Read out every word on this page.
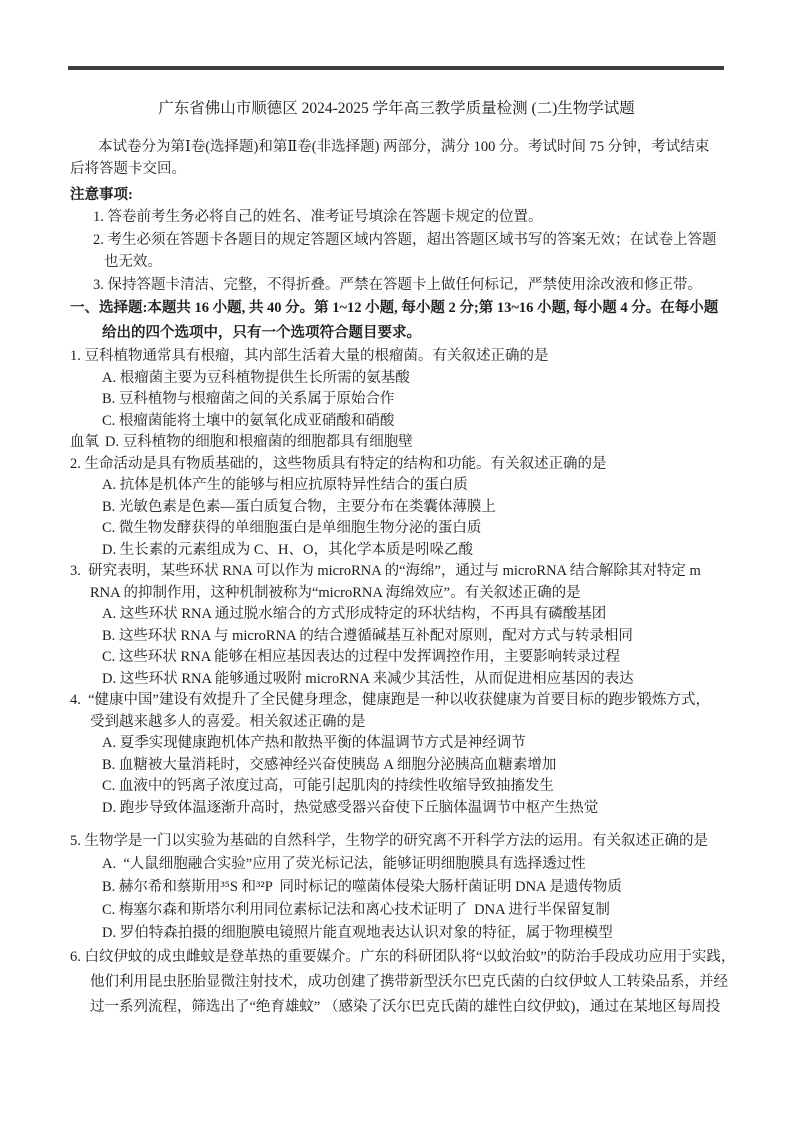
广东省佛山市顺德区 2024-2025 学年高三教学质量检测 (二)生物学试题
本试卷分为第Ⅰ卷(选择题)和第Ⅱ卷(非选择题) 两部分，满分 100 分。考试时间 75 分钟，考试结束
后将答题卡交回。
注意事项:
1. 答卷前考生务必将自己的姓名、准考证号填涂在答题卡规定的位置。
2. 考生必须在答题卡各题目的规定答题区域内答题，超出答题区域书写的答案无效；在试卷上答题
也无效。
3. 保持答题卡清洁、完整，不得折叠。严禁在答题卡上做任何标记，严禁使用涂改液和修正带。
一、选择题:本题共 16 小题, 共 40 分。第 1~12 小题, 每小题 2 分;第 13~16 小题, 每小题 4 分。在每小题
给出的四个选项中，只有一个选项符合题目要求。
1. 豆科植物通常具有根瘤，其内部生活着大量的根瘤菌。有关叙述正确的是
A. 根瘤菌主要为豆科植物提供生长所需的氨基酸
B. 豆科植物与根瘤菌之间的关系属于原始合作
C. 根瘤菌能将土壤中的氨氧化成亚硝酸和硝酸
血氧 D. 豆科植物的细胞和根瘤菌的细胞都具有细胞壁
2. 生命活动是具有物质基础的，这些物质具有特定的结构和功能。有关叙述正确的是
A. 抗体是机体产生的能够与相应抗原特异性结合的蛋白质
B. 光敏色素是色素—蛋白质复合物，主要分布在类囊体薄膜上
C. 微生物发酵获得的单细胞蛋白是单细胞生物分泌的蛋白质
D. 生长素的元素组成为 C、H、O，其化学本质是吲哚乙酸
3.  研究表明，某些环状 RNA 可以作为 microRNA 的“海绵”，通过与 microRNA 结合解除其对特定 m
RNA 的抑制作用，这种机制被称为“microRNA 海绵效应”。有关叙述正确的是
A. 这些环状 RNA 通过脱水缩合的方式形成特定的环状结构，不再具有磷酸基团
B. 这些环状 RNA 与 microRNA 的结合遵循碱基互补配对原则，配对方式与转录相同
C. 这些环状 RNA 能够在相应基因表达的过程中发挥调控作用，主要影响转录过程
D. 这些环状 RNA 能够通过吸附 microRNA 来减少其活性，从而促进相应基因的表达
4.  “健康中国”建设有效提升了全民健身理念，健康跑是一种以收获健康为首要目标的跑步锻炼方式，
受到越来越多人的喜爱。相关叙述正确的是
A. 夏季实现健康跑机体产热和散热平衡的体温调节方式是神经调节
B. 血糖被大量消耗时，交感神经兴奋使胰岛 A 细胞分泌胰高血糖素增加
C. 血液中的钙离子浓度过高，可能引起肌肉的持续性收缩导致抽搐发生
D. 跑步导致体温逐渐升高时，热觉感受器兴奋使下丘脑体温调节中枢产生热觉
5. 生物学是一门以实验为基础的自然科学，生物学的研究离不开科学方法的运用。有关叙述正确的是
A.  “人鼠细胞融合实验”应用了荧光标记法，能够证明细胞膜具有选择透过性
B. 赫尔希和蔡斯用³⁵S 和³²P  同时标记的噬菌体侵染大肠杆菌证明 DNA 是遗传物质
C. 梅塞尔森和斯塔尔利用同位素标记法和离心技术证明了  DNA 进行半保留复制
D. 罗伯特森拍摄的细胞膜电镜照片能直观地表达认识对象的特征，属于物理模型
6. 白纹伊蚊的成虫雌蚊是登革热的重要媒介。广东的科研团队将“以蚊治蚊”的防治手段成功应用于实践，
他们利用昆虫胚胎显微注射技术，成功创建了携带新型沃尔巴克氏菌的白纹伊蚊人工转染品系，并经
过一系列流程，筛选出了“绝育雄蚊” （感染了沃尔巴克氏菌的雄性白纹伊蚊)，通过在某地区每周投
